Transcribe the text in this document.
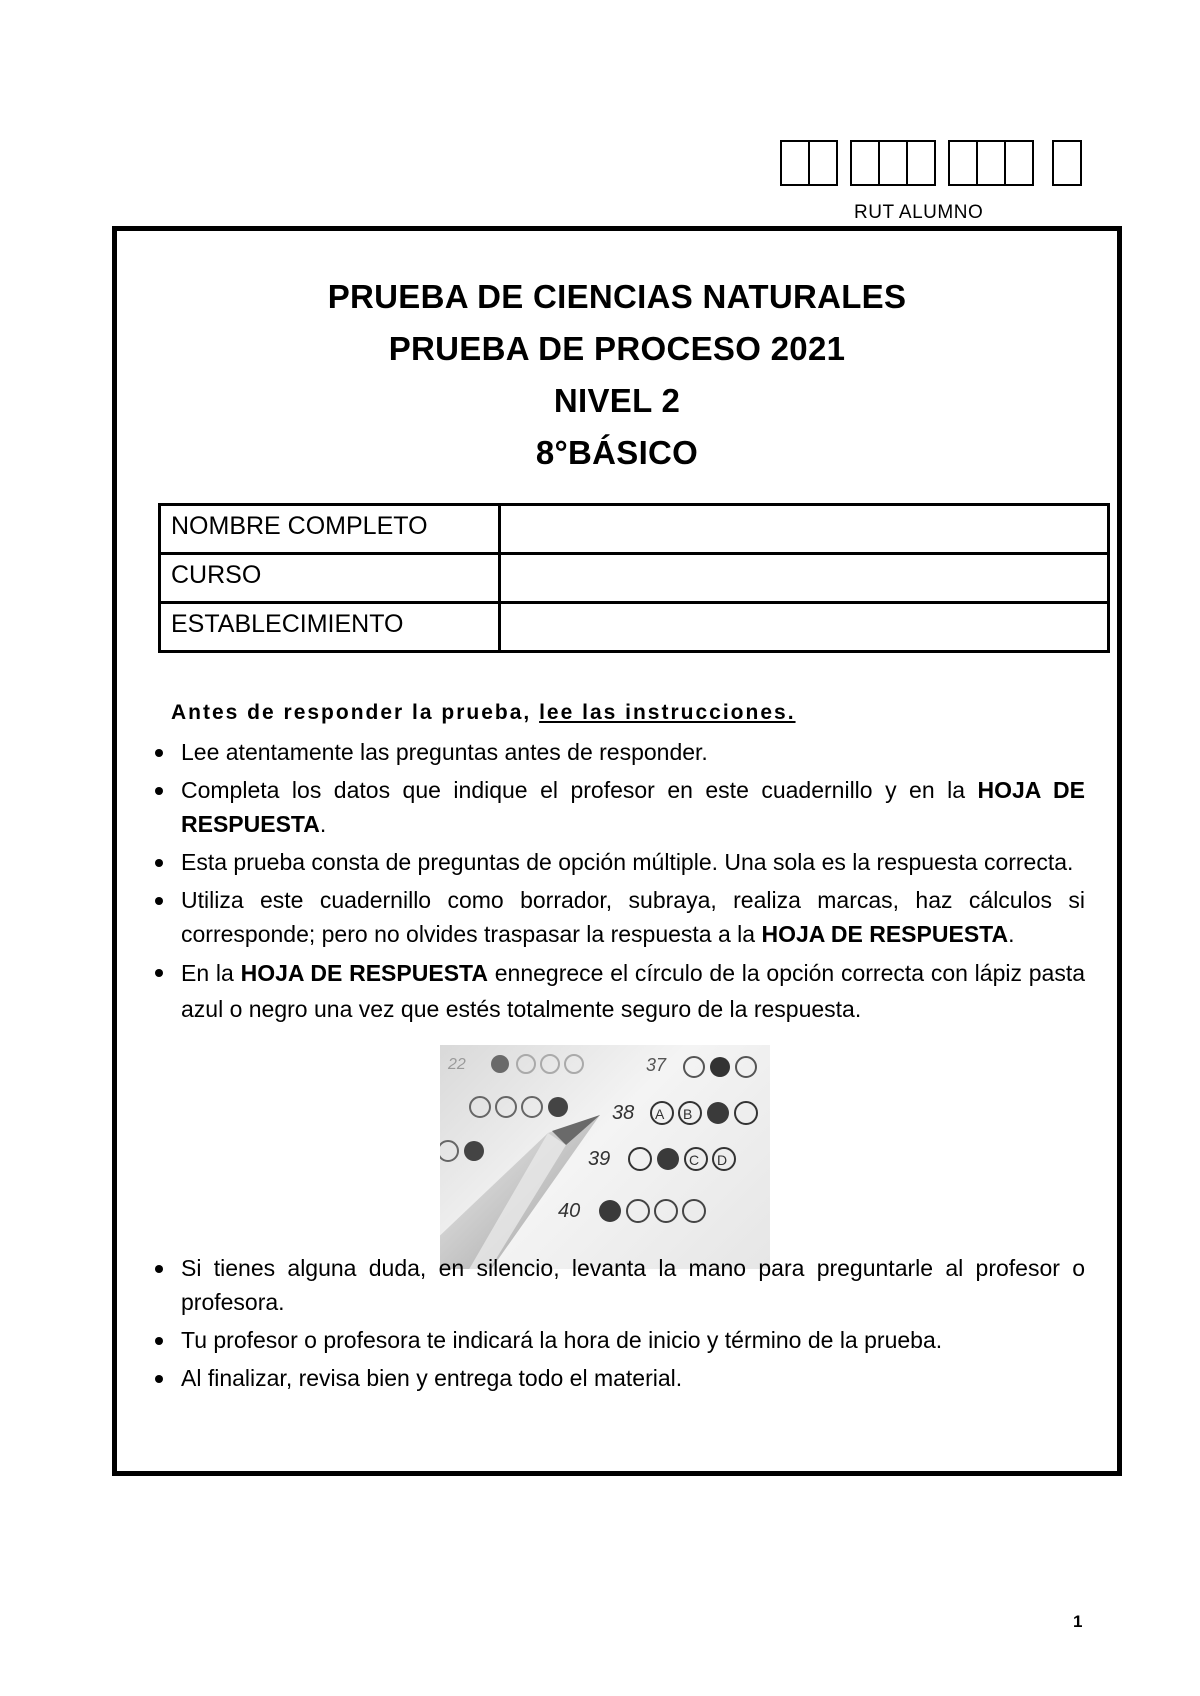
RUT ALUMNO
PRUEBA DE CIENCIAS NATURALES
PRUEBA DE PROCESO 2021
NIVEL 2
8°BÁSICO
NOMBRE COMPLETO	
CURSO	
ESTABLECIMIENTO	
Antes de responder la prueba, lee las instrucciones.
Lee atentamente las preguntas antes de responder.
Completa los datos que indique el profesor en este cuadernillo y en la HOJA DE RESPUESTA.
Esta prueba consta de preguntas de opción múltiple. Una sola es la respuesta correcta.
Utiliza este cuadernillo como borrador, subraya, realiza marcas, haz cálculos si corresponde; pero no olvides traspasar la respuesta a la HOJA DE RESPUESTA.
En la HOJA DE RESPUESTA ennegrece el círculo de la opción correcta con lápiz pasta azul o negro una vez que estés totalmente seguro de la respuesta.
22	37
38 A B
39	C D
40
Si tienes alguna duda, en silencio, levanta la mano para preguntarle al profesor o profesora.
Tu profesor o profesora te indicará la hora de inicio y término de la prueba.
Al finalizar, revisa bien y entrega todo el material.
1
